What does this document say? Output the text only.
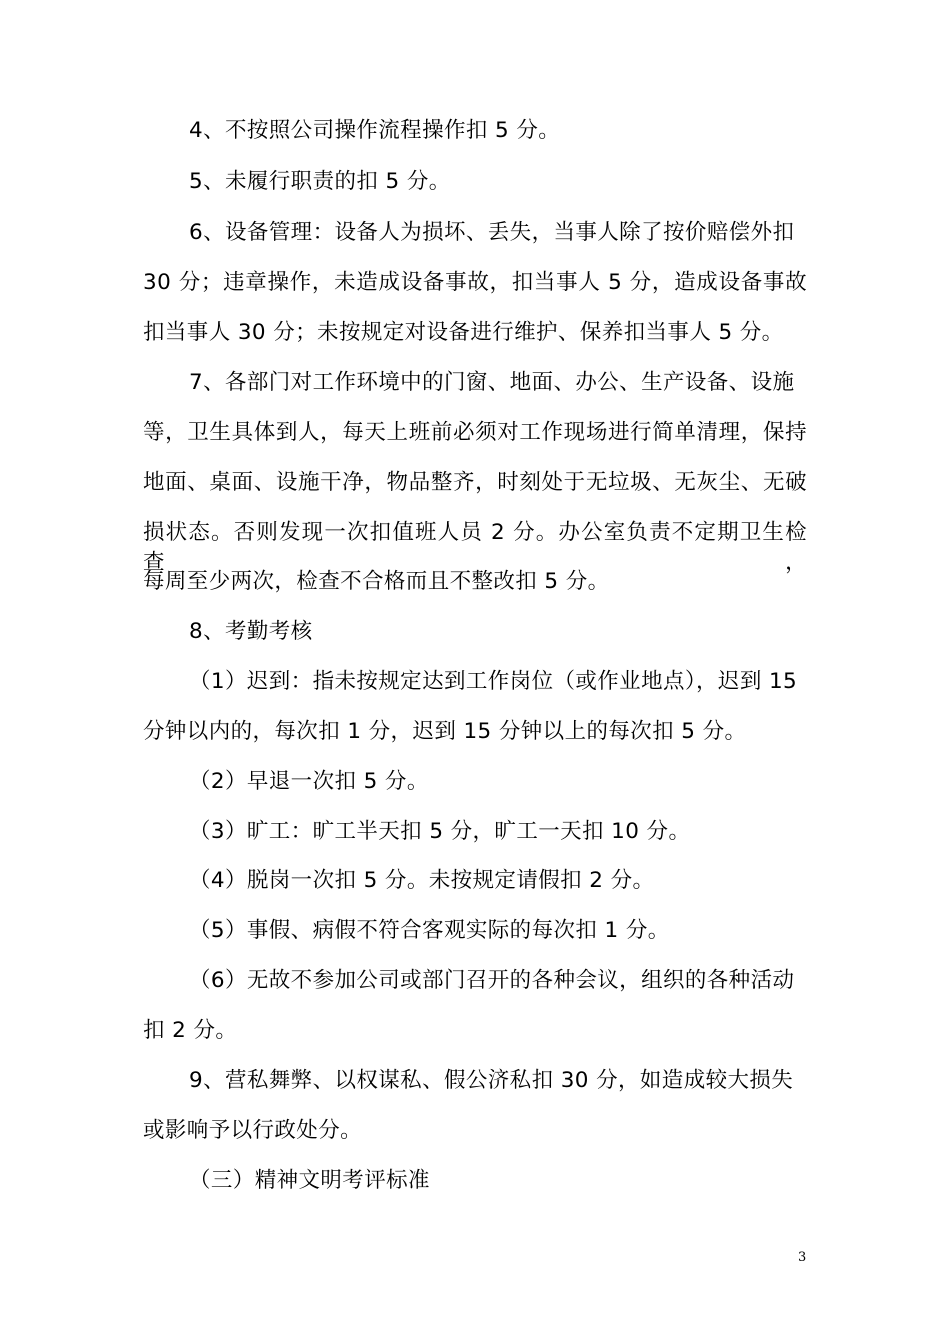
4、不按照公司操作流程操作扣 5 分。
5、未履行职责的扣 5 分。
6、设备管理：设备人为损坏、丢失，当事人除了按价赔偿外扣
30 分；违章操作，未造成设备事故，扣当事人 5 分，造成设备事故
扣当事人 30 分；未按规定对设备进行维护、保养扣当事人 5 分。
7、各部门对工作环境中的门窗、地面、办公、生产设备、设施
等，卫生具体到人，每天上班前必须对工作现场进行简单清理，保持
地面、桌面、设施干净，物品整齐，时刻处于无垃圾、无灰尘、无破
损状态。否则发现一次扣值班人员 2 分。办公室负责不定期卫生检查，
每周至少两次，检查不合格而且不整改扣 5 分。
8、考勤考核
（1）迟到：指未按规定达到工作岗位（或作业地点），迟到 15
分钟以内的，每次扣 1 分，迟到 15 分钟以上的每次扣 5 分。
（2）早退一次扣 5 分。
（3）旷工：旷工半天扣 5 分，旷工一天扣 10 分。
（4）脱岗一次扣 5 分。未按规定请假扣 2 分。
（5）事假、病假不符合客观实际的每次扣 1 分。
（6）无故不参加公司或部门召开的各种会议，组织的各种活动
扣 2 分。
9、营私舞弊、以权谋私、假公济私扣 30 分，如造成较大损失
或影响予以行政处分。
（三）精神文明考评标准
3
